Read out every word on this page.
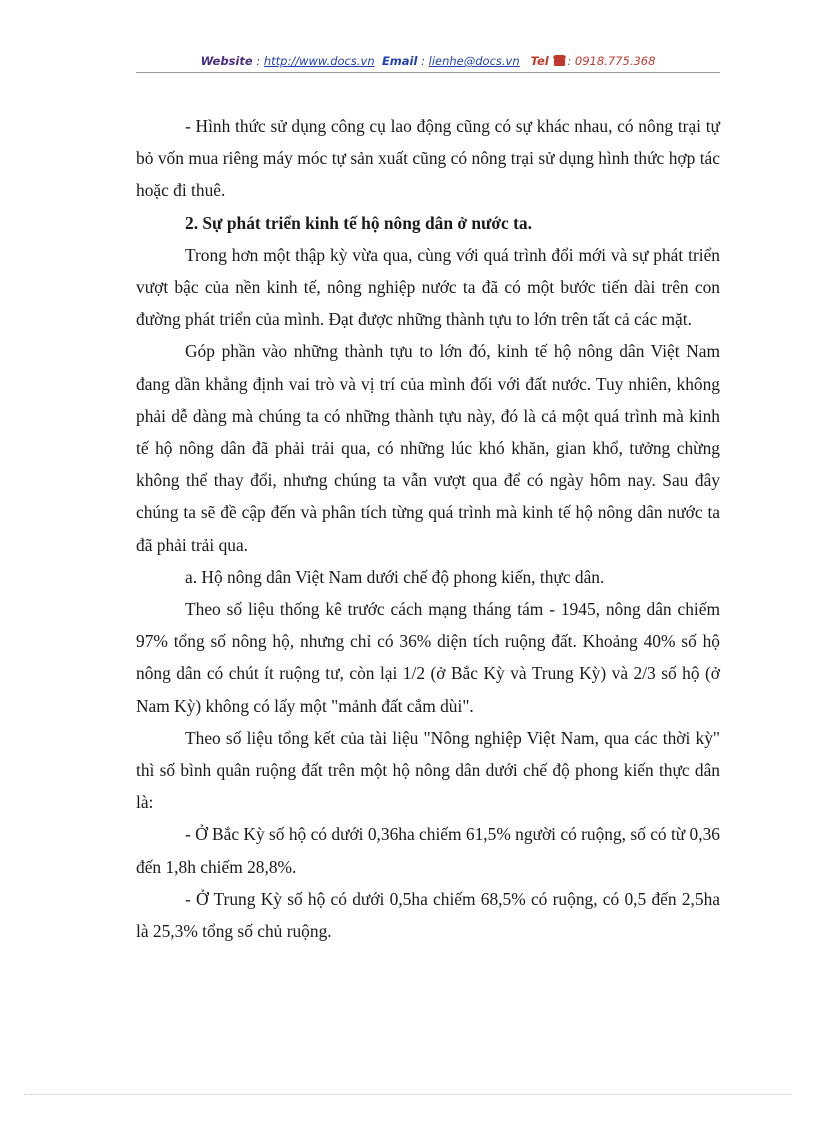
Website : http://www.docs.vn Email : lienhe@docs.vn Tel : 0918.775.368

- Hình thức sử dụng công cụ lao động cũng có sự khác nhau, có nông trại tự bỏ vốn mua riêng máy móc tự sản xuất cũng có nông trại sử dụng hình thức hợp tác hoặc đi thuê.

2. Sự phát triển kinh tế hộ nông dân ở nước ta.

Trong hơn một thập kỳ vừa qua, cùng với quá trình đổi mới và sự phát triển vượt bậc của nền kinh tế, nông nghiệp nước ta đã có một bước tiến dài trên con đường phát triển của mình. Đạt được những thành tựu to lớn trên tất cả các mặt.

Góp phần vào những thành tựu to lớn đó, kinh tế hộ nông dân Việt Nam đang dần khẳng định vai trò và vị trí của mình đối với đất nước. Tuy nhiên, không phải dễ dàng mà chúng ta có những thành tựu này, đó là cả một quá trình mà kinh tế hộ nông dân đã phải trải qua, có những lúc khó khăn, gian khổ, tưởng chừng không thể thay đổi, nhưng chúng ta vẫn vượt qua để có ngày hôm nay. Sau đây chúng ta sẽ đề cập đến và phân tích từng quá trình mà kinh tế hộ nông dân nước ta đã phải trải qua.

a. Hộ nông dân Việt Nam dưới chế độ phong kiến, thực dân.

Theo số liệu thống kê trước cách mạng tháng tám - 1945, nông dân chiếm 97% tổng số nông hộ, nhưng chỉ có 36% diện tích ruộng đất. Khoảng 40% số hộ nông dân có chút ít ruộng tư, còn lại 1/2 (ở Bắc Kỳ và Trung Kỳ) và 2/3 số hộ (ở Nam Kỳ) không có lấy một "mảnh đất cắm dùi".

Theo số liệu tổng kết của tài liệu "Nông nghiệp Việt Nam, qua các thời kỳ" thì số bình quân ruộng đất trên một hộ nông dân dưới chế độ phong kiến thực dân là:

- Ở Bắc Kỳ số hộ có dưới 0,36ha chiếm 61,5% người có ruộng, số có từ 0,36 đến 1,8h chiếm 28,8%.

- Ở Trung Kỳ số hộ có dưới 0,5ha chiếm 68,5% có ruộng, có 0,5 đến 2,5ha là 25,3% tổng số chủ ruộng.
